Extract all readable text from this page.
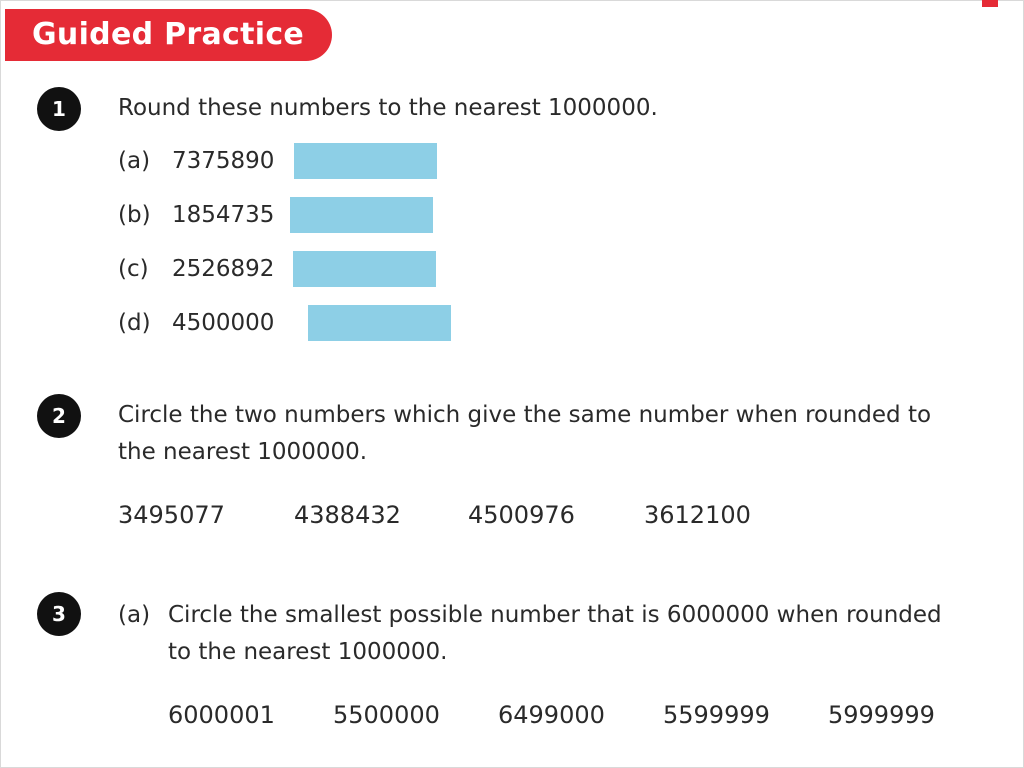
Guided Practice
1	Round these numbers to the nearest 1000000.
(a) 7375890
(b) 1854735
(c) 2526892
(d) 4500000
2	Circle the two numbers which give the same number when rounded to
the nearest 1000000.
3495077	4388432	4500976	3612100
3	(a) Circle the smallest possible number that is 6000000 when rounded
to the nearest 1000000.
6000001 5500000 6499000 5599999 5999999
